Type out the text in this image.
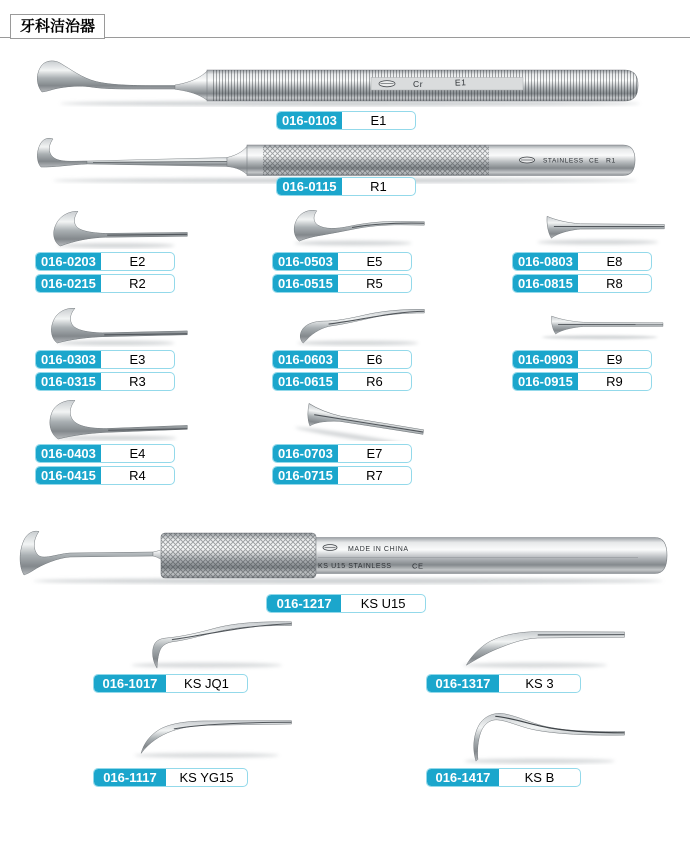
牙科洁治器
Cr	E1
016-0103	E1
STAINLESS CE R1
016-0115	R1
016-0203	E2
016-0215	R2
016-0503	E5
016-0515	R5
016-0803	E8
016-0815	R8
016-0303	E3
016-0315	R3
016-0603	E6
016-0615	R6
016-0903	E9
016-0915	R9
016-0403	E4
016-0415	R4
016-0703	E7
016-0715	R7
MADE IN CHINA
KS U15 STAINLESS	CE
016-1217	KS U15
016-1017	KS JQ1	016-1317	KS 3
016-1117	KS YG15	016-1417	KS B
